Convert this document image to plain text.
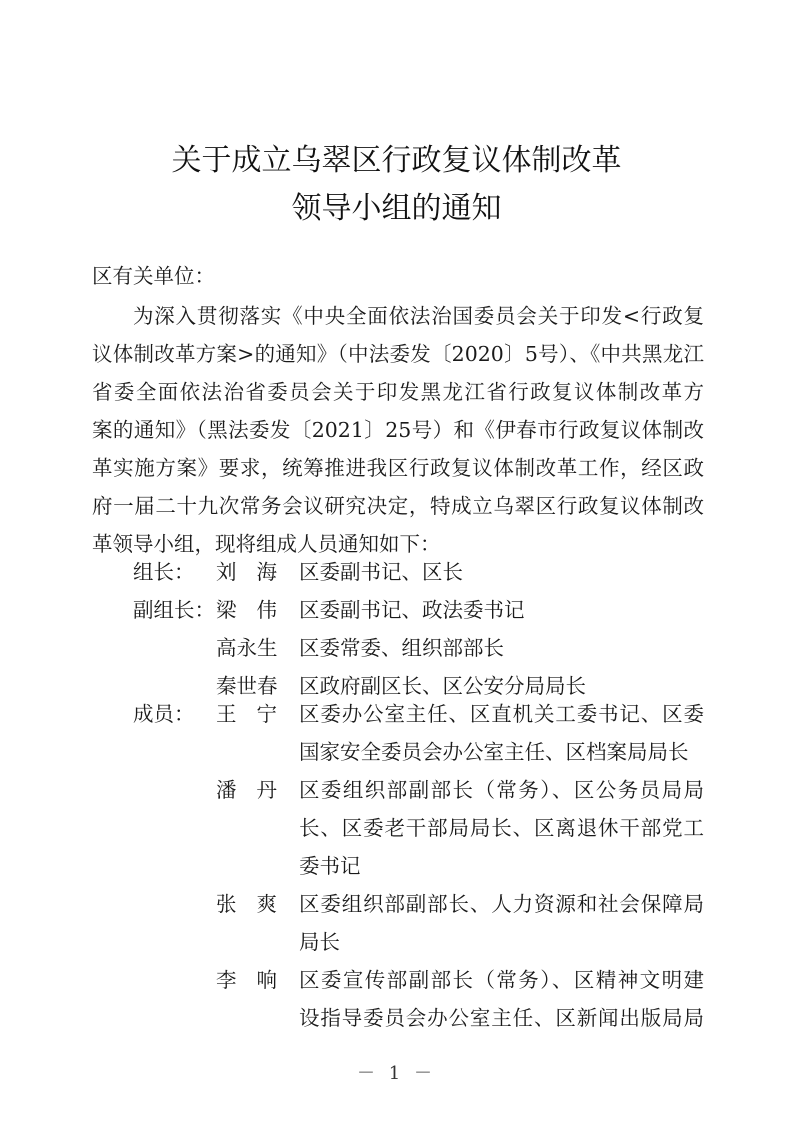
关于成立乌翠区行政复议体制改革
领导小组的通知
区有关单位：
为深入贯彻落实《中央全面依法治国委员会关于印发<行政复
议体制改革方案>的通知》（中法委发〔2020〕5号）、《中共黑龙江
省委全面依法治省委员会关于印发黑龙江省行政复议体制改革方
案的通知》（黑法委发〔2021〕25号）和《伊春市行政复议体制改
革实施方案》要求，统筹推进我区行政复议体制改革工作，经区政
府一届二十九次常务会议研究决定，特成立乌翠区行政复议体制改
革领导小组，现将组成人员通知如下：
组长： 刘海 区委副书记、区长
副组长： 梁伟 区委副书记、政法委书记
高永生 区委常委、组织部部长
秦世春 区政府副区长、区公安分局局长
成员： 王宁 区委办公室主任、区直机关工委书记、区委
国家安全委员会办公室主任、区档案局局长
潘丹 区委组织部副部长（常务）、区公务员局局
长、区委老干部局局长、区离退休干部党工
委书记
张爽 区委组织部副部长、人力资源和社会保障局
局长
李响 区委宣传部副部长（常务）、区精神文明建
设指导委员会办公室主任、区新闻出版局局
－ 1 －
